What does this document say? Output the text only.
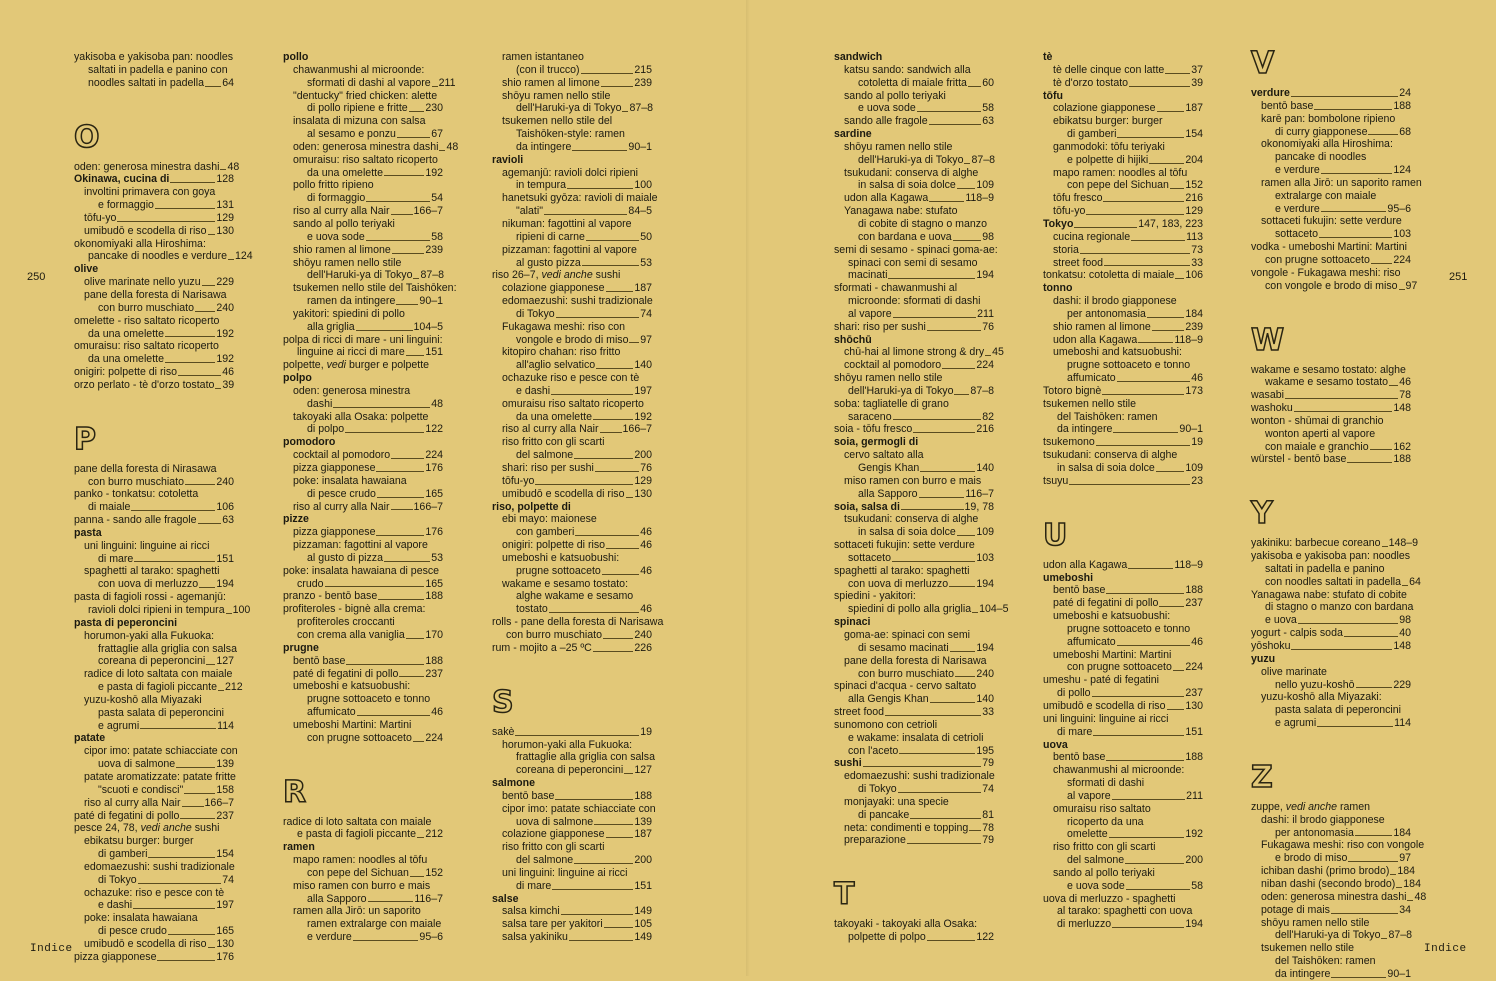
yakisoba e yakisoba pan: noodles
saltati in padella e panino con
noodles saltati in padella 64
O
oden: generosa minestra dashi 48
Okinawa, cucina di	128
involtini primavera con goya
e formaggio	131
tōfu-yo	129
umibudō e scodella di riso 130
okonomiyaki alla Hiroshima:
pancake di noodles e verdure 124
olive
olive marinate nello yuzu 229
pane della foresta di Narisawa
con burro muschiato 240
omelette - riso saltato ricoperto
da una omelette	192
omuraisu: riso saltato ricoperto
da una omelette	192
onigiri: polpette di riso	46
orzo perlato - tè d'orzo tostato 39
P
pane della foresta di Nirasawa
con burro muschiato	240
panko - tonkatsu: cotoletta
di maiale	106
panna - sando alle fragole 63
pasta
uni linguini: linguine ai ricci
di mare	151
spaghetti al tarako: spaghetti
con uova di merluzzo 194
pasta di fagioli rossi - agemanjū:
ravioli dolci ripieni in tempura 100
pasta di peperoncini
horumon-yaki alla Fukuoka:
frattaglie alla griglia con salsa
coreana di peperoncini 127
radice di loto saltata con maiale
e pasta di fagioli piccante 212
yuzu-koshō alla Miyazaki
pasta salata di peperoncini
e agrumi	114
patate
cipor imo: patate schiacciate con
uova di salmone	139
patate aromatizzate: patate fritte
"scuoti e condisci"	158
riso al curry alla Nair 166–7
paté di fegatini di pollo	237
pesce 24, 78, vedi anche sushi
ebikatsu burger: burger
di gamberi	154
edomaezushi: sushi tradizionale
di Tokyo	74
ochazuke: riso e pesce con tè
e dashi	197
poke: insalata hawaiana
di pesce crudo	165
umibudō e scodella di riso 130
pizza giapponese	176
pollo
chawanmushi al microonde:
sformati di dashi al vapore 211
"dentucky" fried chicken: alette
di pollo ripiene e fritte 230
insalata di mizuna con salsa
al sesamo e ponzu	67
oden: generosa minestra dashi 48
omuraisu: riso saltato ricoperto
da una omelette	192
pollo fritto ripieno
di formaggio	54
riso al curry alla Nair 166–7
sando al pollo teriyaki
e uova sode	58
shio ramen al limone	239
shōyu ramen nello stile
dell'Haruki-ya di Tokyo 87–8
tsukemen nello stile del Taishōken:
ramen da intingere 90–1
yakitori: spiedini di pollo
alla griglia	104–5
polpa di ricci di mare - uni linguini:
linguine ai ricci di mare 151
polpette, vedi burger e polpette
polpo
oden: generosa minestra
dashi	48
takoyaki alla Osaka: polpette
di polpo	122
pomodoro
cocktail al pomodoro	224
pizza giapponese	176
poke: insalata hawaiana
di pesce crudo	165
riso al curry alla Nair 166–7
pizze
pizza giapponese	176
pizzaman: fagottini al vapore
al gusto di pizza	53
poke: insalata hawaiana di pesce
crudo	165
pranzo - bentō base	188
profiteroles - bignè alla crema:
profiteroles croccanti
con crema alla vaniglia 170
prugne
bentō base	188
paté di fegatini di pollo	237
umeboshi e katsuobushi:
prugne sottoaceto e tonno
affumicato	46
umeboshi Martini: Martini
con prugne sottoaceto 224
R
radice di loto saltata con maiale
e pasta di fagioli piccante 212
ramen
mapo ramen: noodles al tōfu
con pepe del Sichuan 152
miso ramen con burro e mais
alla Sapporo	116–7
ramen alla Jirō: un saporito
ramen extralarge con maiale
e verdure	95–6
ramen istantaneo
(con il trucco)	215
shio ramen al limone	239
shōyu ramen nello stile
dell'Haruki-ya di Tokyo 87–8
tsukemen nello stile del
Taishōken-style: ramen
da intingere	90–1
ravioli
agemanjū: ravioli dolci ripieni
in tempura	100
hanetsuki gyōza: ravioli di maiale
"alati"	84–5
nikuman: fagottini al vapore
ripieni di carne	50
pizzaman: fagottini al vapore
al gusto pizza	53
riso 26–7, vedi anche sushi
colazione giapponese	187
edomaezushi: sushi tradizionale
di Tokyo	74
Fukagawa meshi: riso con
vongole e brodo di miso 97
kitopiro chahan: riso fritto
all'aglio selvatico	140
ochazuke riso e pesce con tè
e dashi	197
omuraisu riso saltato ricoperto
da una omelette	192
riso al curry alla Nair 166–7
riso fritto con gli scarti
del salmone	200
shari: riso per sushi	76
tōfu-yo	129
umibudō e scodella di riso 130
riso, polpette di
ebi mayo: maionese
con gamberi	46
onigiri: polpette di riso	46
umeboshi e katsuobushi:
prugne sottoaceto	46
wakame e sesamo tostato:
alghe wakame e sesamo
tostato	46
rolls - pane della foresta di Narisawa
con burro muschiato	240
rum - mojito a –25 ºC	226
S
sakè	19
horumon-yaki alla Fukuoka:
frattaglie alla griglia con salsa
coreana di peperoncini 127
salmone
bentō base	188
cipor imo: patate schiacciate con
uova di salmone	139
colazione giapponese	187
riso fritto con gli scarti
del salmone	200
uni linguini: linguine ai ricci
di mare	151
salse
salsa kimchi	149
salsa tare per yakitori	105
salsa yakiniku	149
sandwich
katsu sando: sandwich alla
cotoletta di maiale fritta 60
sando al pollo teriyaki
e uova sode	58
sando alle fragole	63
sardine
shōyu ramen nello stile
dell'Haruki-ya di Tokyo 87–8
tsukudani: conserva di alghe
in salsa di soia dolce 109
udon alla Kagawa	118–9
Yanagawa nabe: stufato
di cobite di stagno o manzo
con bardana e uova	98
semi di sesamo - spinaci goma-ae:
spinaci con semi di sesamo
macinati	194
sformati - chawanmushi al
microonde: sformati di dashi
al vapore	211
shari: riso per sushi	76
shōchū
chū-hai al limone strong & dry 45
cocktail al pomodoro	224
shōyu ramen nello stile
dell'Haruki-ya di Tokyo 87–8
soba: tagliatelle di grano
saraceno	82
soia - tōfu fresco	216
soia, germogli di
cervo saltato alla
Gengis Khan	140
miso ramen con burro e mais
alla Sapporo	116–7
soia, salsa di	19, 78
tsukudani: conserva di alghe
in salsa di soia dolce 109
sottaceti fukujin: sette verdure
sottaceto	103
spaghetti al tarako: spaghetti
con uova di merluzzo	194
spiedini - yakitori:
spiedini di pollo alla griglia 104–5
spinaci
goma-ae: spinaci con semi
di sesamo macinati	194
pane della foresta di Narisawa
con burro muschiato 240
spinaci d'acqua - cervo saltato
alla Gengis Khan	140
street food	33
sunomono con cetrioli
e wakame: insalata di cetrioli
con l'aceto	195
sushi	79
edomaezushi: sushi tradizionale
di Tokyo	74
monjayaki: una specie
di pancake	81
neta: condimenti e topping 78
preparazione	79
T
takoyaki - takoyaki alla Osaka:
polpette di polpo	122
tè
tè delle cinque con latte	37
tè d'orzo tostato	39
tōfu
colazione giapponese	187
ebikatsu burger: burger
di gamberi	154
ganmodoki: tōfu teriyaki
e polpette di hijiki	204
mapo ramen: noodles al tōfu
con pepe del Sichuan 152
tōfu fresco	216
tōfu-yo	129
Tokyo	147, 183, 223
cucina regionale	113
storia	73
street food	33
tonkatsu: cotoletta di maiale 106
tonno
dashi: il brodo giapponese
per antonomasia	184
shio ramen al limone	239
udon alla Kagawa	118–9
umeboshi and katsuobushi:
prugne sottoaceto e tonno
affumicato	46
Totoro bignè	173
tsukemen nello stile
del Taishōken: ramen
da intingere	90–1
tsukemono	19
tsukudani: conserva di alghe
in salsa di soia dolce	109
tsuyu	23
U
udon alla Kagawa	118–9
umeboshi
bentō base	188
paté di fegatini di pollo	237
umeboshi e katsuobushi:
prugne sottoaceto e tonno
affumicato	46
umeboshi Martini: Martini
con prugne sottoaceto 224
umeshu - paté di fegatini
di pollo	237
umibudō e scodella di riso 130
uni linguini: linguine ai ricci
di mare	151
uova
bentō base	188
chawanmushi al microonde:
sformati di dashi
al vapore	211
omuraisu riso saltato
ricoperto da una
omelette	192
riso fritto con gli scarti
del salmone	200
sando al pollo teriyaki
e uova sode	58
uova di merluzzo - spaghetti
al tarako: spaghetti con uova
di merluzzo	194
V
verdure	24
bentō base	188
karē pan: bombolone ripieno
di curry giapponese	68
okonomiyaki alla Hiroshima:
pancake di noodles
e verdure	124
ramen alla Jirō: un saporito ramen
extralarge con maiale
e verdure	95–6
sottaceti fukujin: sette verdure
sottaceto	103
vodka - umeboshi Martini: Martini
con prugne sottoaceto 224
vongole - Fukagawa meshi: riso
con vongole e brodo di miso 97
W
wakame e sesamo tostato: alghe
wakame e sesamo tostato 46
wasabi	78
washoku	148
wonton - shūmai di granchio
wonton aperti al vapore
con maiale e granchio 162
würstel - bentō base	188
Y
yakiniku: barbecue coreano 148–9
yakisoba e yakisoba pan: noodles
saltati in padella e panino
con noodles saltati in padella 64
Yanagawa nabe: stufato di cobite
di stagno o manzo con bardana
e uova	98
yogurt - calpis soda	40
yōshoku	148
yuzu
olive marinate
nello yuzu-koshō	229
yuzu-koshō alla Miyazaki:
pasta salata di peperoncini
e agrumi	114
Z
zuppe, vedi anche ramen
dashi: il brodo giapponese
per antonomasia	184
Fukagawa meshi: riso con vongole
e brodo di miso	97
ichiban dashi (primo brodo) 184
niban dashi (secondo brodo) 184
oden: generosa minestra dashi 48
potage di mais	34
shōyu ramen nello stile
dell'Haruki-ya di Tokyo 87–8
tsukemen nello stile
del Taishōken: ramen
da intingere	90–1
250	251
Indice	Indice
